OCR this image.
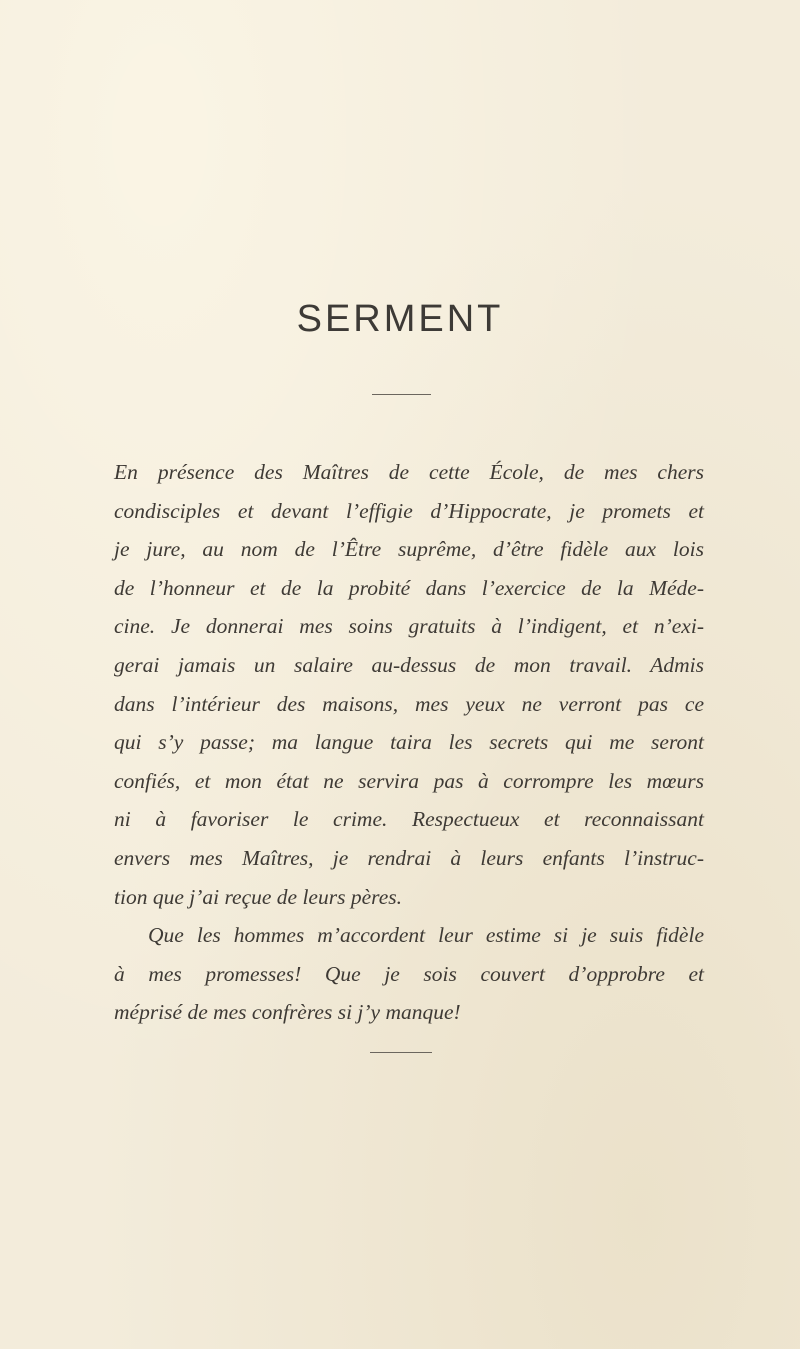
SERMENT
En présence des Maîtres de cette École, de mes chers
condisciples et devant l’effigie d’Hippocrate, je promets et
je jure, au nom de l’Être suprême, d’être fidèle aux lois
de l’honneur et de la probité dans l’exercice de la Méde-
cine. Je donnerai mes soins gratuits à l’indigent, et n’exi-
gerai jamais un salaire au-dessus de mon travail. Admis
dans l’intérieur des maisons, mes yeux ne verront pas ce
qui s’y passe; ma langue taira les secrets qui me seront
confiés, et mon état ne servira pas à corrompre les mœurs
ni à favoriser le crime. Respectueux et reconnaissant
envers mes Maîtres, je rendrai à leurs enfants l’instruc-
tion que j’ai reçue de leurs pères.
Que les hommes m’accordent leur estime si je suis fidèle
à mes promesses! Que je sois couvert d’opprobre et
méprisé de mes confrères si j’y manque!
